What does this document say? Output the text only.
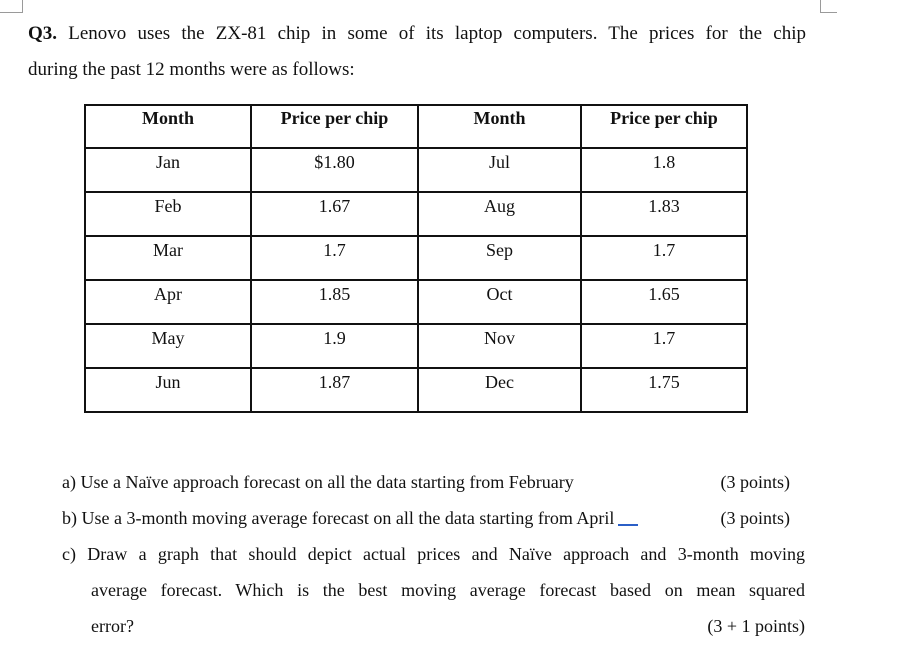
Q3. Lenovo uses the ZX-81 chip in some of its laptop computers. The prices for the chip
during the past 12 months were as follows:
Month	Price per chip	Month	Price per chip
Jan	$1.80	Jul	1.8
Feb	1.67	Aug	1.83
Mar	1.7	Sep	1.7
Apr	1.85	Oct	1.65
May	1.9	Nov	1.7
Jun	1.87	Dec	1.75
a) Use a Naïve approach forecast on all the data starting from February	(3 points)
b) Use a 3-month moving average forecast on all the data starting from April	(3 points)
c) Draw a graph that should depict actual prices and Naïve approach and 3-month moving
average forecast. Which is the best moving average forecast based on mean squared
error?	(3 + 1 points)
